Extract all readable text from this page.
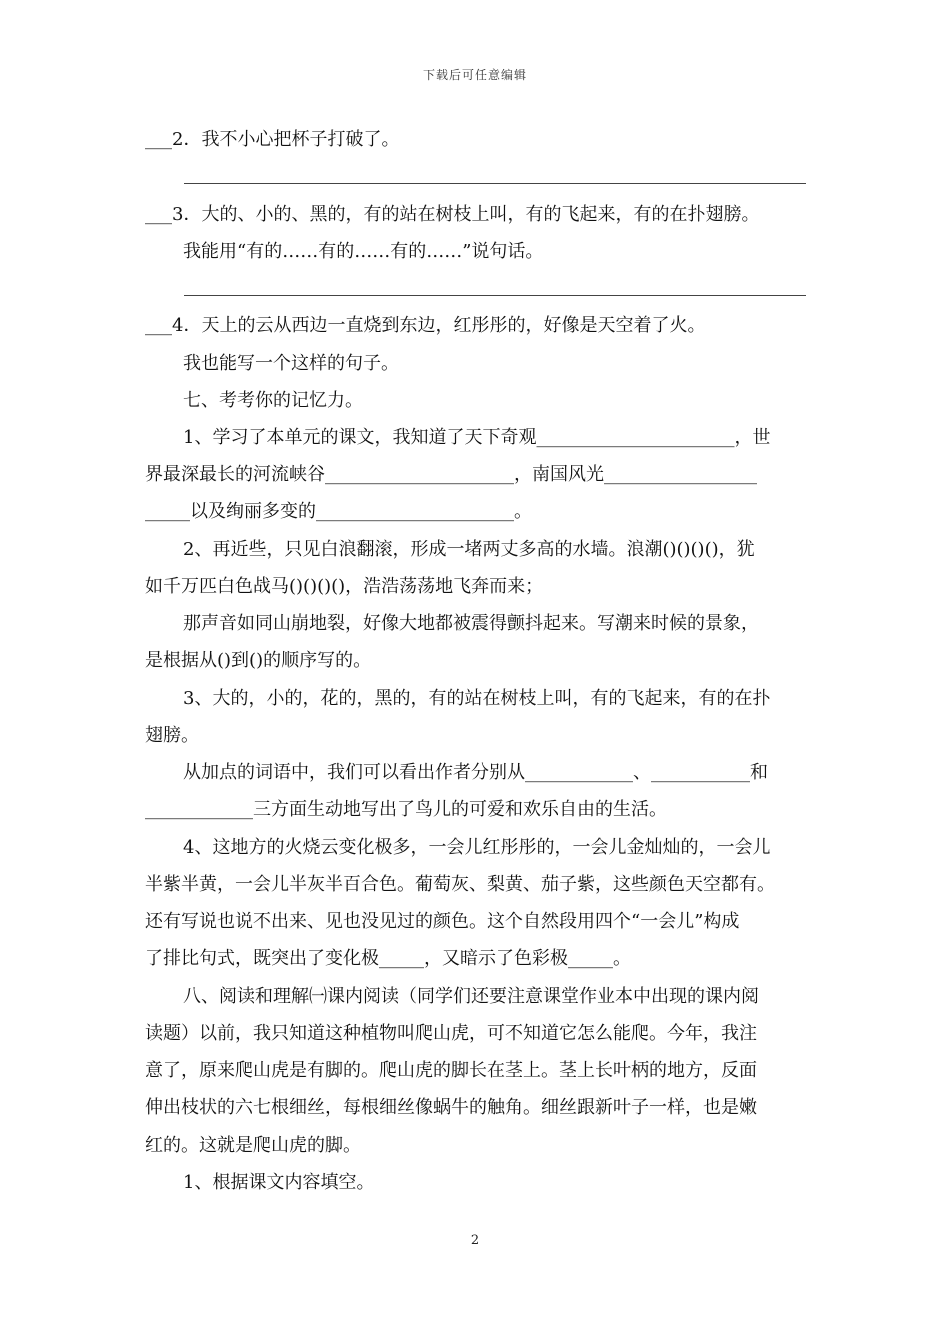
下载后可任意编辑
___2．我不小心把杯子打破了。
___3．大的、小的、黑的，有的站在树枝上叫，有的飞起来，有的在扑翅膀。
我能用“有的……有的……有的……”说句话。
___4．天上的云从西边一直烧到东边，红彤彤的，好像是天空着了火。
我也能写一个这样的句子。
七、考考你的记忆力。
1、学习了本单元的课文，我知道了天下奇观______________________，世
界最深最长的河流峡谷_____________________，南国风光_________________
_____以及绚丽多变的______________________。
2、再近些，只见白浪翻滚，形成一堵两丈多高的水墙。浪潮()()()()，犹
如千万匹白色战马()()()()，浩浩荡荡地飞奔而来；
那声音如同山崩地裂，好像大地都被震得颤抖起来。写潮来时候的景象，
是根据从()到()的顺序写的。
3、大的，小的，花的，黑的，有的站在树枝上叫，有的飞起来，有的在扑
翅膀。
从加点的词语中，我们可以看出作者分别从____________、___________和
____________三方面生动地写出了鸟儿的可爱和欢乐自由的生活。
4、这地方的火烧云变化极多，一会儿红彤彤的，一会儿金灿灿的，一会儿
半紫半黄，一会儿半灰半百合色。葡萄灰、梨黄、茄子紫，这些颜色天空都有。
还有写说也说不出来、见也没见过的颜色。这个自然段用四个“一会儿”构成
了排比句式，既突出了变化极_____，又暗示了色彩极_____。
八、阅读和理解㈠课内阅读（同学们还要注意课堂作业本中出现的课内阅
读题）以前，我只知道这种植物叫爬山虎，可不知道它怎么能爬。今年，我注
意了，原来爬山虎是有脚的。爬山虎的脚长在茎上。茎上长叶柄的地方，反面
伸出枝状的六七根细丝，每根细丝像蜗牛的触角。细丝跟新叶子一样，也是嫩
红的。这就是爬山虎的脚。
1、根据课文内容填空。
2
